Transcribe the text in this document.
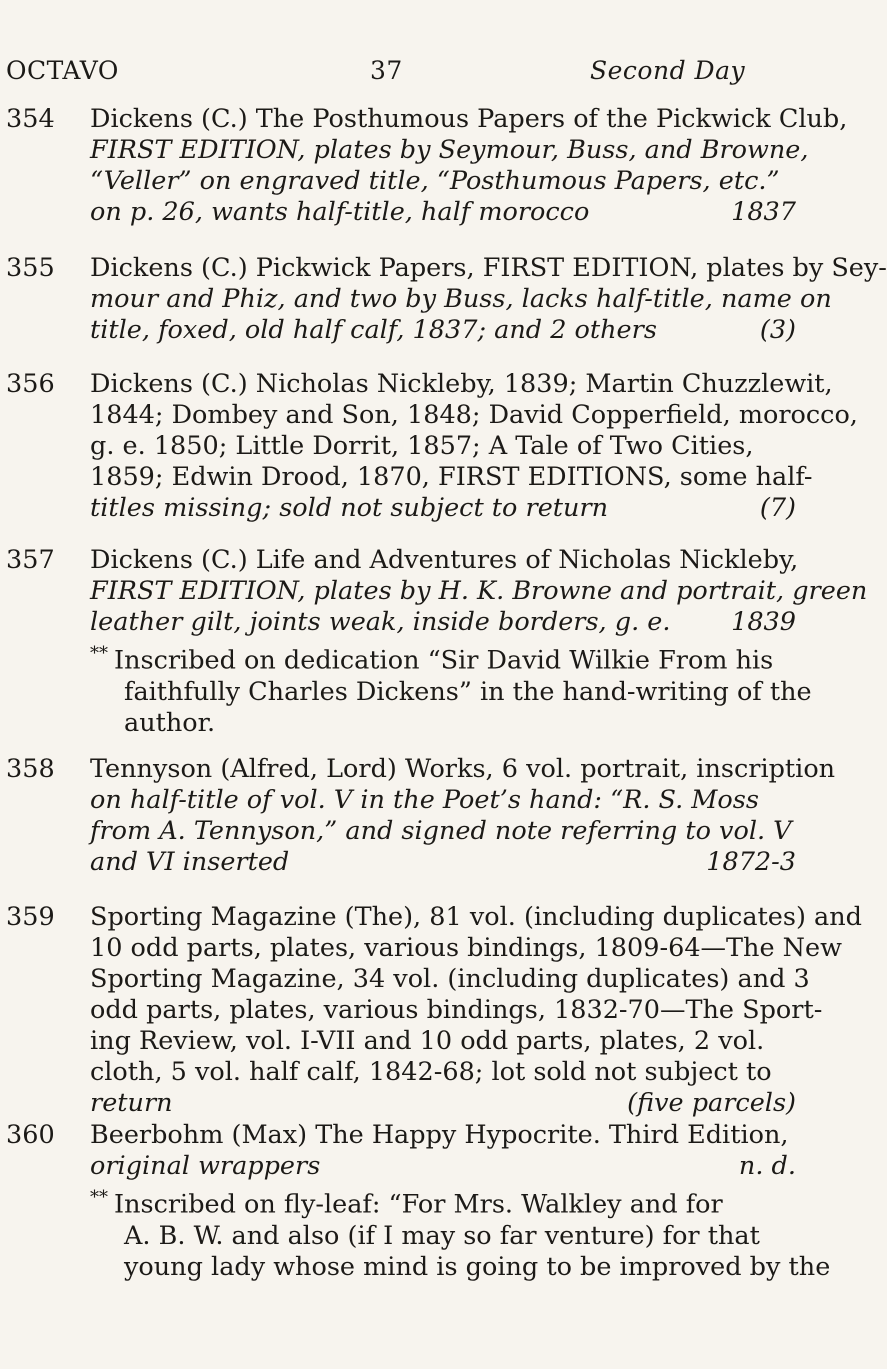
OCTAVO	37	Second Day
354	Dickens (C.) The Posthumous Papers of the Pickwick Club,
FIRST EDITION, plates by Seymour, Buss, and Browne,
“Veller” on engraved title, “Posthumous Papers, etc.”
on p. 26, wants half-title, half morocco	1837
355	Dickens (C.) Pickwick Papers, FIRST EDITION, plates by Sey-
mour and Phiz, and two by Buss, lacks half-title, name on
title, foxed, old half calf, 1837; and 2 others	(3)
356	Dickens (C.) Nicholas Nickleby, 1839; Martin Chuzzlewit,
1844; Dombey and Son, 1848; David Copperfield, morocco,
g. e. 1850; Little Dorrit, 1857; A Tale of Two Cities,
1859; Edwin Drood, 1870, FIRST EDITIONS, some half-
titles missing; sold not subject to return	(7)
357	Dickens (C.) Life and Adventures of Nicholas Nickleby,
FIRST EDITION, plates by H. K. Browne and portrait, green
leather gilt, joints weak, inside borders, g. e. 1839
** Inscribed on dedication “Sir David Wilkie From his
faithfully Charles Dickens” in the hand-writing of the
author.
358	Tennyson (Alfred, Lord) Works, 6 vol. portrait, inscription
on half-title of vol. V in the Poet’s hand: “R. S. Moss
from A. Tennyson,” and signed note referring to vol. V
and VI inserted	1872-3
359	Sporting Magazine (The), 81 vol. (including duplicates) and
10 odd parts, plates, various bindings, 1809-64—The New
Sporting Magazine, 34 vol. (including duplicates) and 3
odd parts, plates, various bindings, 1832-70—The Sport-
ing Review, vol. I-VII and 10 odd parts, plates, 2 vol.
cloth, 5 vol. half calf, 1842-68; lot sold not subject to
return	(five parcels)
360	Beerbohm (Max) The Happy Hypocrite. Third Edition,
original wrappers	n. d.
** Inscribed on fly-leaf: “For Mrs. Walkley and for
A. B. W. and also (if I may so far venture) for that
young lady whose mind is going to be improved by the
